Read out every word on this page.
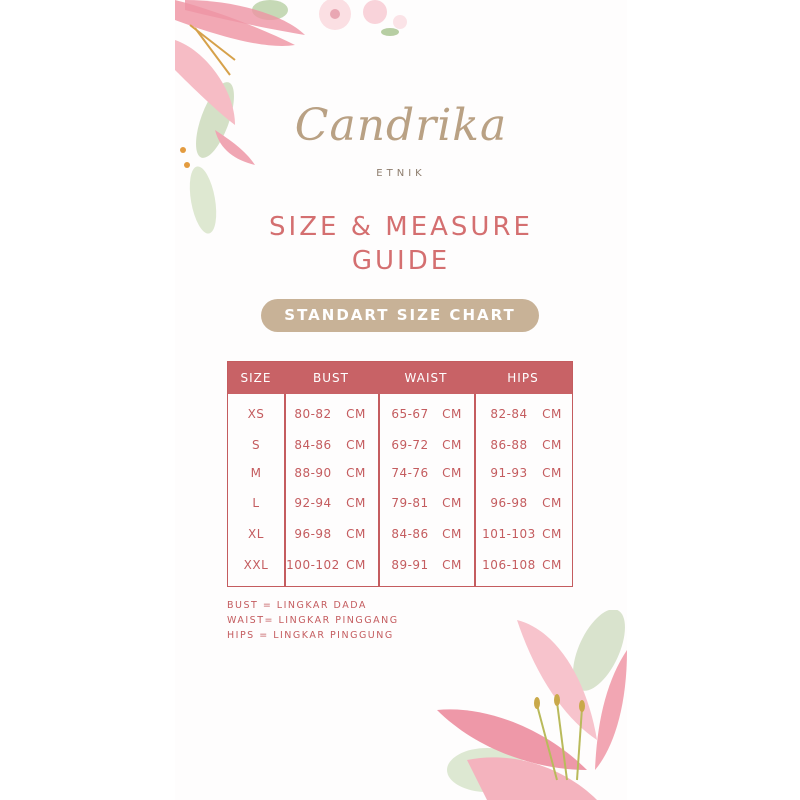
Candrika
ETNIK
SIZE & MEASURE
GUIDE
STANDART SIZE CHART
SIZE	BUST	WAIST	HIPS
XS	80-82	CM	65-67	CM	82-84	CM
S	84-86	CM	69-72	CM	86-88	CM
M	88-90	CM	74-76	CM	91-93	CM
L	92-94	CM	79-81	CM	96-98	CM
XL	96-98	CM	84-86	CM	101-103 CM
XXL	100-102 CM	89-91	CM	106-108 CM
BUST = LINGKAR DADA
WAIST= LINGKAR PINGGANG
HIPS = LINGKAR PINGGUNG
